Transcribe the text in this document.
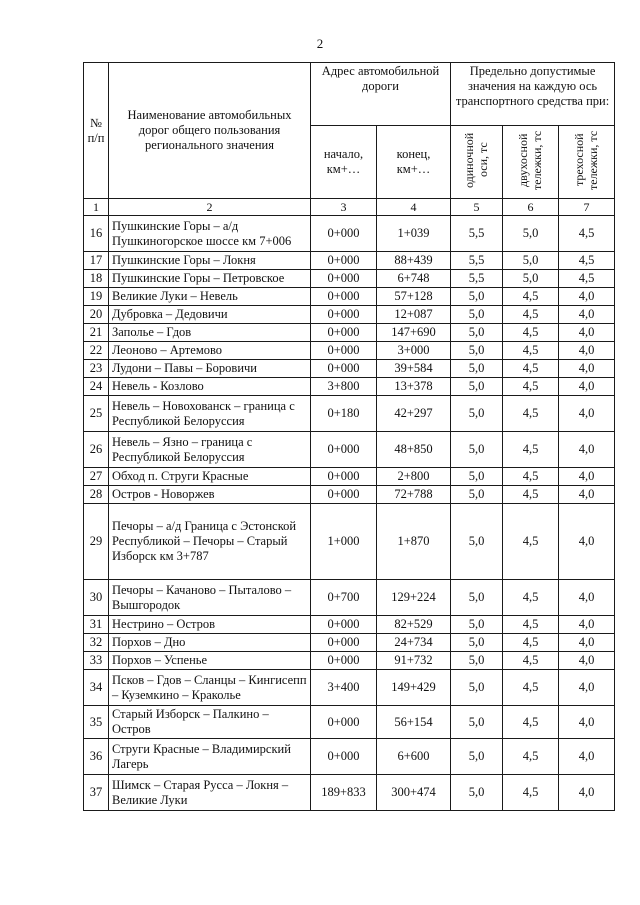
2
№ п/п	Наименование автомобильных дорог общего пользования регионального значения	Адрес автомобильной дороги		Предельно допустимые значения на каждую ось транспортного средства при:		
		начало, км+…	конец, км+…	одиночной оси, тс	двухосной тележки, тс	трехосной тележки, тс
1	2	3	4	5	6	7
16	Пушкинские Горы – а/д Пушкиногорское шоссе км 7+006	0+000	1+039	5,5	5,0	4,5
17	Пушкинские Горы – Локня	0+000	88+439	5,5	5,0	4,5
18	Пушкинские Горы – Петровское	0+000	6+748	5,5	5,0	4,5
19	Великие Луки – Невель	0+000	57+128	5,0	4,5	4,0
20	Дубровка – Дедовичи	0+000	12+087	5,0	4,5	4,0
21	Заполье – Гдов	0+000	147+690	5,0	4,5	4,0
22	Леоново – Артемово	0+000	3+000	5,0	4,5	4,0
23	Лудони – Павы – Боровичи	0+000	39+584	5,0	4,5	4,0
24	Невель - Козлово	3+800	13+378	5,0	4,5	4,0
25	Невель – Новохованск – граница с Республикой Белоруссия	0+180	42+297	5,0	4,5	4,0
26	Невель – Язно – граница с Республикой Белоруссия	0+000	48+850	5,0	4,5	4,0
27	Обход п. Струги Красные	0+000	2+800	5,0	4,5	4,0
28	Остров - Новоржев	0+000	72+788	5,0	4,5	4,0
29	Печоры – а/д Граница с Эстонской Республикой – Печоры – Старый Изборск км 3+787	1+000	1+870	5,0	4,5	4,0
30	Печоры – Качаново – Пыталово – Вышгородок	0+700	129+224	5,0	4,5	4,0
31	Нестрино – Остров	0+000	82+529	5,0	4,5	4,0
32	Порхов – Дно	0+000	24+734	5,0	4,5	4,0
33	Порхов – Успенье	0+000	91+732	5,0	4,5	4,0
34	Псков – Гдов – Сланцы – Кингисепп – Куземкино – Краколье	3+400	149+429	5,0	4,5	4,0
35	Старый Изборск – Палкино – Остров	0+000	56+154	5,0	4,5	4,0
36	Струги Красные – Владимирский Лагерь	0+000	6+600	5,0	4,5	4,0
37	Шимск – Старая Русса – Локня – Великие Луки	189+833	300+474	5,0	4,5	4,0
